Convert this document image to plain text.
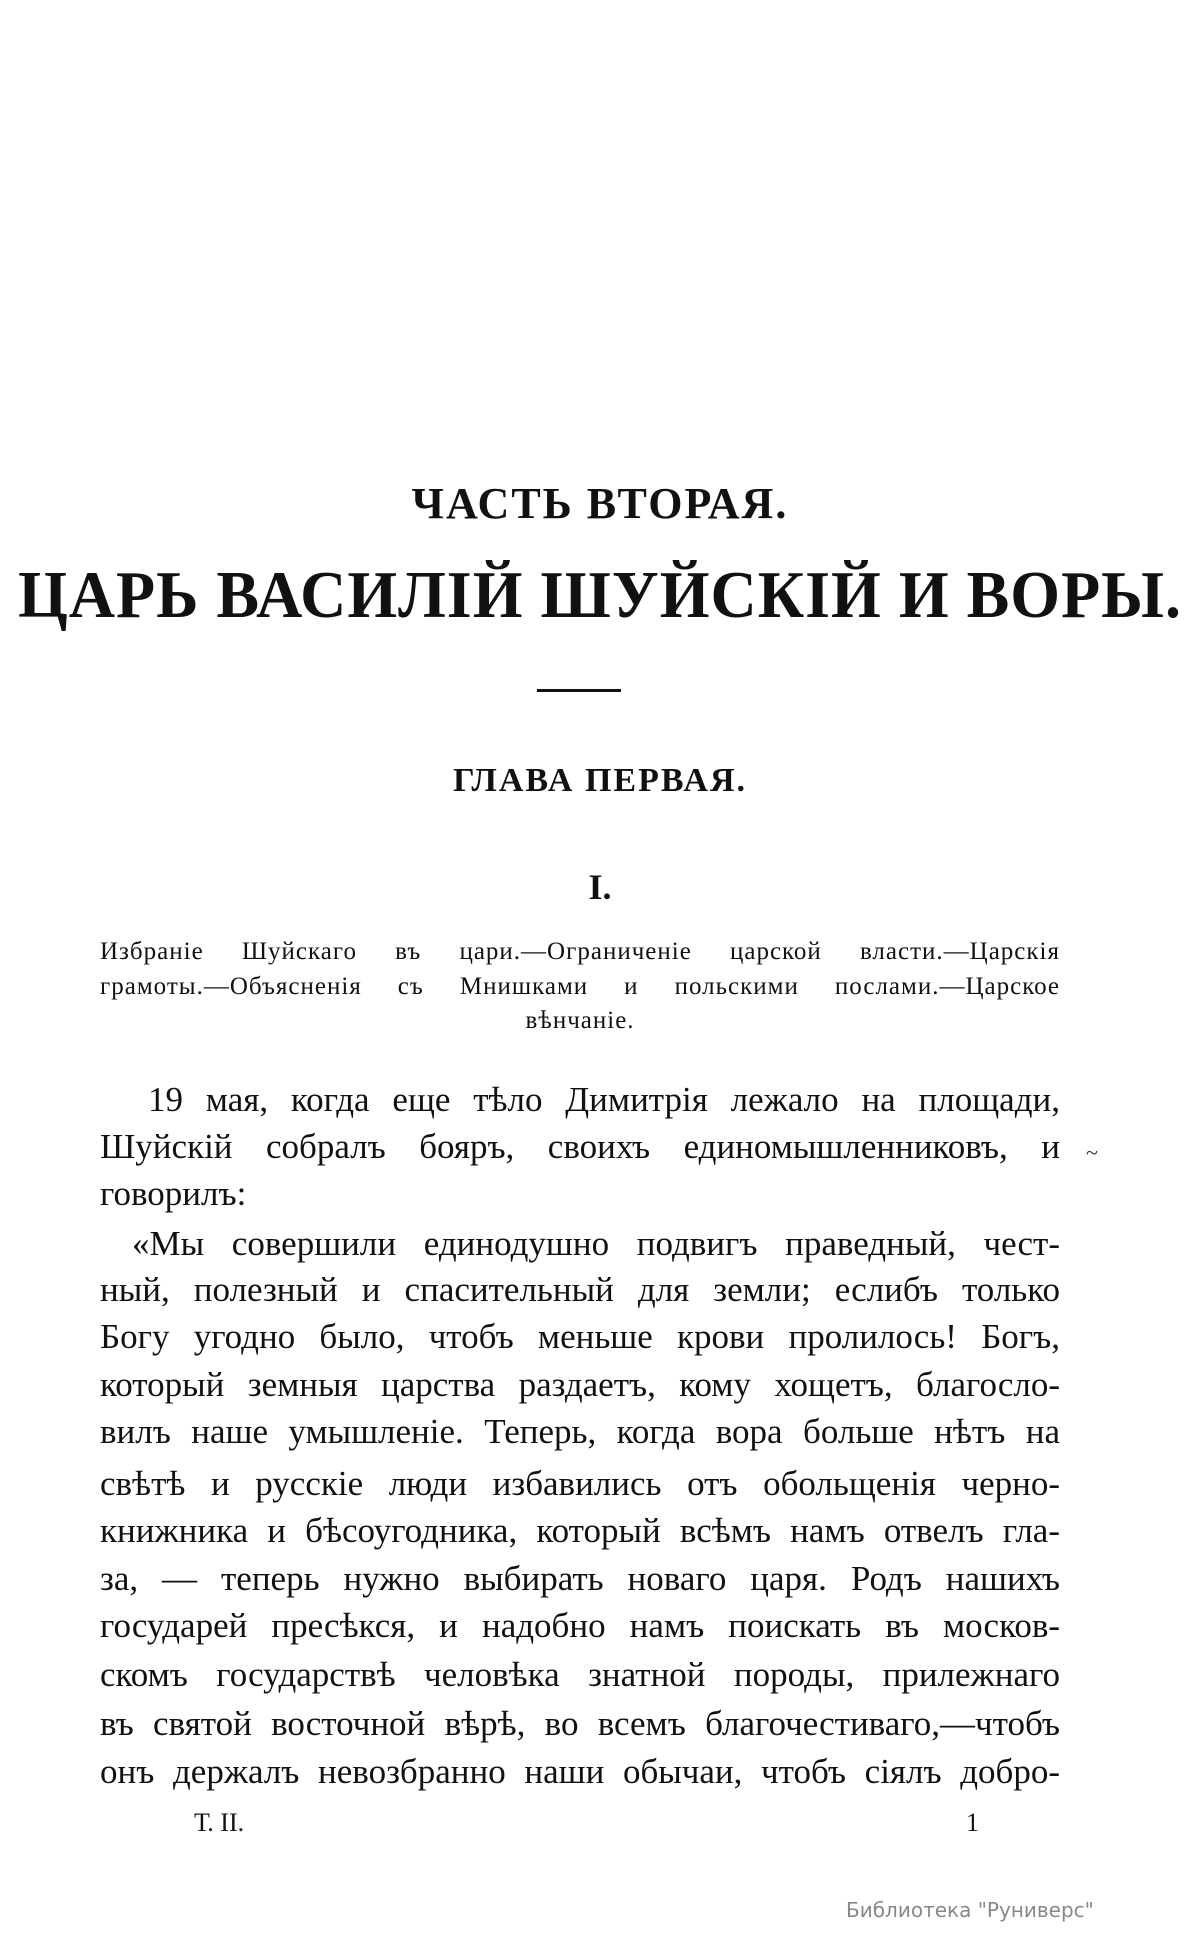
ЧАСТЬ ВТОРАЯ.
ЦАРЬ ВАСИЛІЙ ШУЙСКІЙ И ВОРЫ.
ГЛАВА ПЕРВАЯ.
I.
Избраніе Шуйскаго въ цари.—Ограниченіе царской власти.—Царскія
грамоты.—Объясненія съ Мнишками и польскими послами.—Царское
вѣнчаніе.
19 мая, когда еще тѣло Димитрія лежало на площади,
Шуйскій собралъ бояръ, своихъ единомышленниковъ, и
говорилъ:
«Мы совершили единодушно подвигъ праведный, чест-
ный, полезный и спасительный для земли; еслибъ только
Богу угодно было, чтобъ меньше крови пролилось! Богъ,
который земныя царства раздаетъ, кому хощетъ, благосло-
вилъ наше умышленіе. Теперь, когда вора больше нѣтъ на
свѣтѣ и русскіе люди избавились отъ обольщенія черно-
книжника и бѣсоугодника, который всѣмъ намъ отвелъ гла-
за, — теперь нужно выбирать новаго царя. Родъ нашихъ
государей пресѣкся, и надобно намъ поискать въ москов-
скомъ государствѣ человѣка знатной породы, прилежнаго
въ святой восточной вѣрѣ, во всемъ благочестиваго,—чтобъ
онъ держалъ невозбранно наши обычаи, чтобъ сіялъ добро-
~
Т. II.	1
Библиотека "Руниверс"
